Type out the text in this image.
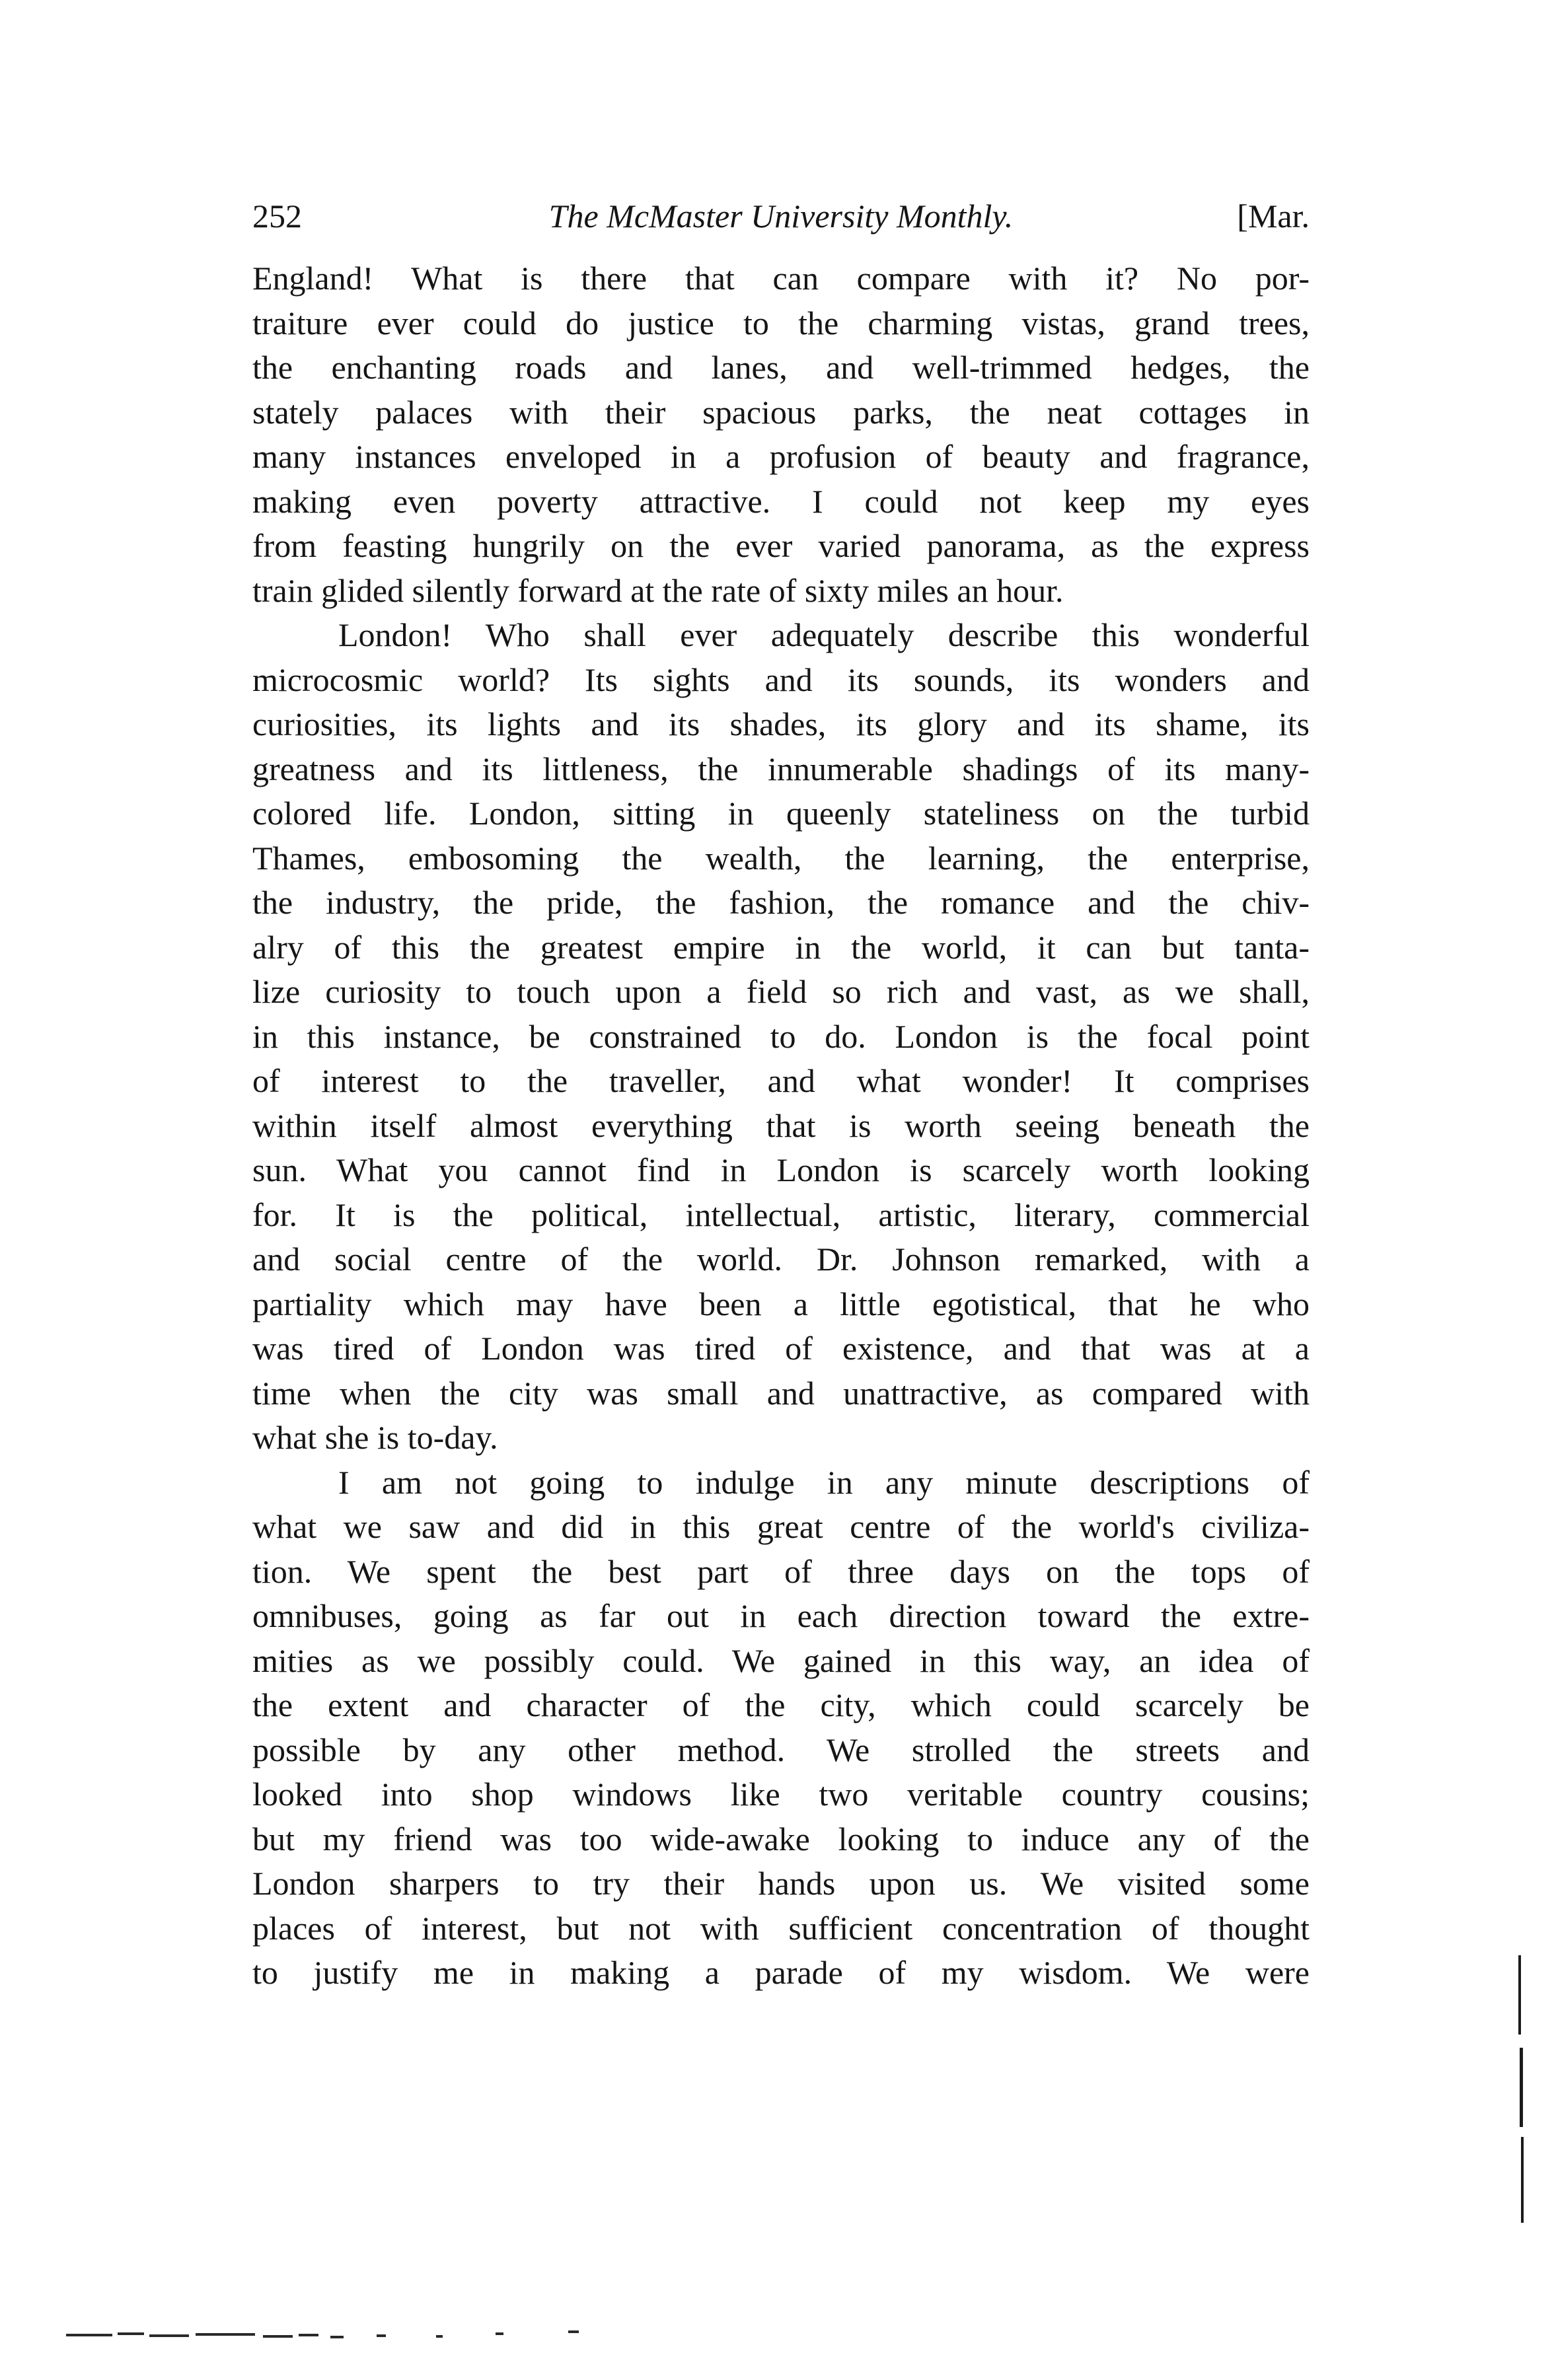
252	The McMaster University Monthly.	[Mar.
England! What is there that can compare with it? No por-
traiture ever could do justice to the charming vistas, grand trees,
the enchanting roads and lanes, and well-trimmed hedges, the
stately palaces with their spacious parks, the neat cottages in
many instances enveloped in a profusion of beauty and fragrance,
making even poverty attractive. I could not keep my eyes
from feasting hungrily on the ever varied panorama, as the express
train glided silently forward at the rate of sixty miles an hour.
London! Who shall ever adequately describe this wonderful
microcosmic world? Its sights and its sounds, its wonders and
curiosities, its lights and its shades, its glory and its shame, its
greatness and its littleness, the innumerable shadings of its many-
colored life. London, sitting in queenly stateliness on the turbid
Thames, embosoming the wealth, the learning, the enterprise,
the industry, the pride, the fashion, the romance and the chiv-
alry of this the greatest empire in the world, it can but tanta-
lize curiosity to touch upon a field so rich and vast, as we shall,
in this instance, be constrained to do. London is the focal point
of interest to the traveller, and what wonder! It comprises
within itself almost everything that is worth seeing beneath the
sun. What you cannot find in London is scarcely worth looking
for. It is the political, intellectual, artistic, literary, commercial
and social centre of the world. Dr. Johnson remarked, with a
partiality which may have been a little egotistical, that he who
was tired of London was tired of existence, and that was at a
time when the city was small and unattractive, as compared with
what she is to-day.
I am not going to indulge in any minute descriptions of
what we saw and did in this great centre of the world's civiliza-
tion. We spent the best part of three days on the tops of
omnibuses, going as far out in each direction toward the extre-
mities as we possibly could. We gained in this way, an idea of
the extent and character of the city, which could scarcely be
possible by any other method. We strolled the streets and
looked into shop windows like two veritable country cousins;
but my friend was too wide-awake looking to induce any of the
London sharpers to try their hands upon us. We visited some
places of interest, but not with sufficient concentration of thought
to justify me in making a parade of my wisdom. We were
